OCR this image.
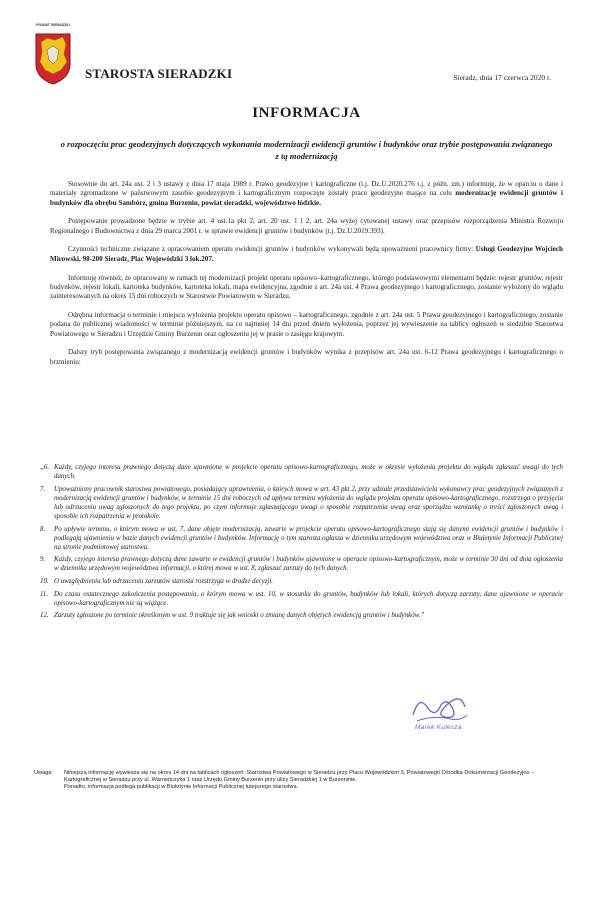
POWIAT SIERADZKI
STAROSTA SIERADZKI	Sieradz, dnia 17 czerwca 2020 r.
INFORMACJA
o rozpoczęciu prac geodezyjnych dotyczących wykonania modernizacji ewidencji gruntów i budynków oraz trybie postępowania związanego z tą modernizacją

Stosownie do art. 24a ust. 2 i 3 ustawy z dnia 17 maja 1989 r. Prawo geodezyjne i kartograficzne (t.j. Dz.U.2020.276 t.j. z późn. zm.) informuję, że w oparciu o dane i materiały zgromadzone w państwowym zasobie geodezyjnym i kartograficznym rozpoczęte zostały prace geodezyjne mające na celu modernizację ewidencji gruntów i budynków dla obrębu Sambórz, gmina Burzenin, powiat sieradzki, województwo łódzkie.

Postępowanie prowadzone będzie w trybie art. 4 ust.1a pkt 2, art. 20 ust. 1 i 2, art. 24a wyżej cytowanej ustawy oraz przepisów rozporządzenia Ministra Rozwoju Regionalnego i Budownictwa z dnia 29 marca 2001 r. w sprawie ewidencji gruntów i budynków (t.j. Dz.U.2019.393).

Czynności techniczne związane z opracowaniem operatu ewidencji gruntów i budynków wykonywali będą upoważnieni pracownicy firmy: Usługi Geodezyjne Wojciech Mirowski, 98-200 Sieradz, Plac Wojewódzki 3 lok.207.

Informuję również, że opracowany w ramach tej modernizacji projekt operatu opisowo–kartograficznego, którego podstawowymi elementami będzie: rejestr gruntów, rejestr budynków, rejestr lokali, kartoteka budynków, kartoteka lokali, mapa ewidencyjna, zgodnie z art. 24a ust. 4 Prawa geodezyjnego i kartograficznego, zostanie wyłożony do wglądu zainteresowanych na okres 15 dni roboczych w Starostwie Powiatowym w Sieradzu.

Odrębna informacja o terminie i miejscu wyłożenia projektu operatu opisowo – kartograficznego, zgodnie z art. 24a ust. 5 Prawa geodezyjnego i kartograficznego, zostanie podana do publicznej wiadomości w terminie późniejszym, na co najmniej 14 dni przed dniem wyłożenia, poprzez jej wywieszenie na tablicy ogłoszeń w siedzibie Starostwa Powiatowego w Sieradzu i Urzędzie Gminy Burzenin oraz ogłoszeniu jej w prasie o zasięgu krajowym.

Dalszy tryb postępowania związanego z modernizacją ewidencji gruntów i budynków wynika z przepisów art. 24a ust. 6-12 Prawa geodezyjnego i kartograficznego o brzmieniu:

„6. Każdy, czyjego interesu prawnego dotyczą dane ujawnione w projekcie operatu opisowo-kartograficznego, może w okresie wyłożenia projektu do wglądu zgłaszać uwagi do tych danych.
7.	Upoważniony pracownik starostwa powiatowego, posiadający uprawnienia, o których mowa w art. 43 pkt 2, przy udziale przedstawiciela wykonawcy prac geodezyjnych związanych z modernizacją ewidencji gruntów i budynków, w terminie 15 dni roboczych od upływu terminu wyłożenia do wglądu projektu operatu opisowo-kartograficznego, rozstrzyga o przyjęciu lub odrzuceniu uwag zgłoszonych do tego projektu, po czym informuje zgłaszającego uwagi o sposobie rozpatrzenia uwag oraz sporządza wzmiankę o treści zgłoszonych uwag i sposobie ich rozpatrzenia w protokole.
8.	Po upływie terminu, o którym mowa w ust. 7, dane objęte modernizacją, zawarte w projekcie operatu opisowo-kartograficznego stają się danymi ewidencji gruntów i budynków i podlegają ujawnieniu w bazie danych ewidencji gruntów i budynków. Informację o tym starosta ogłasza w dzienniku urzędowym województwa oraz w Biuletynie Informacji Publicznej na stronie podmiotowej starostwa.
9.	Każdy, czyjego interesu prawnego dotyczą dane zawarte w ewidencji gruntów i budynków ujawnione w operacie opisowo-kartograficznym, może w terminie 30 dni od dnia ogłoszenia w dzienniku urzędowym województwa informacji, o której mowa w ust. 8, zgłaszać zarzuty do tych danych.
10. O uwzględnieniu lub odrzuceniu zarzutów starosta rozstrzyga w drodze decyzji.
11. Do czasu ostatecznego zakończenia postępowania, o którym mowa w ust. 10, w stosunku do gruntów, budynków lub lokali, których dotyczą zarzuty, dane ujawnione w operacie opisowo-kartograficznym nie są wiążące.
12. Zarzuty zgłoszone po terminie określonym w ust. 9 traktuje się jak wnioski o zmianę danych objętych ewidencją gruntów i budynków.”
Marek Kulesza
Uwaga: Niniejszą informację wywiesza się na okres 14 dni na tablicach ogłoszeń: Starostwa Powiatowego w Sieradzu przy Placu Wojewódzkim 3, Powiatowego Ośrodka Dokumentacji Geodezyjno – Kartograficznej w Sieradzu przy ul. Warneńczyka 1 oraz Urzędu Gminy Burzenin przy ulicy Sieradzkiej 1 w Burzeninie.

Ponadto, informacja podlega publikacji w Biuletynie Informacji Publicznej tutejszego starostwa.
